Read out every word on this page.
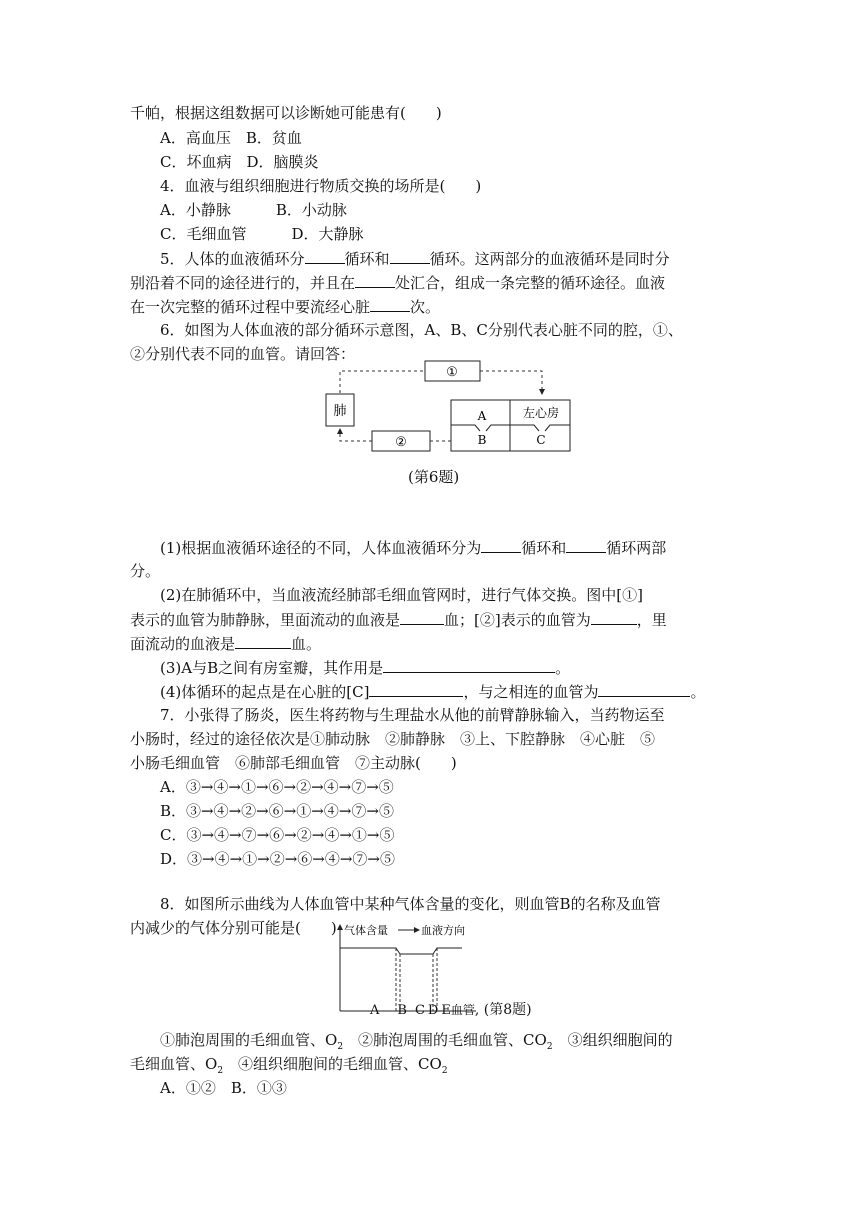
千帕，根据这组数据可以诊断她可能患有(　　)
A．高血压　B．贫血
C．坏血病　D．脑膜炎
4．血液与组织细胞进行物质交换的场所是(　　)
A．小静脉　　　B．小动脉
C．毛细血管　　　D．大静脉
5．人体的血液循环分	循环和	循环。这两部分的血液循环是同时分
别沿着不同的途径进行的，并且在	处汇合，组成一条完整的循环途径。血液
在一次完整的循环过程中要流经心脏	次。
6．如图为人体血液的部分循环示意图，A、B、C分别代表心脏不同的腔，①、
②分别代表不同的血管。请回答：
①
肺
②
A
B
左心房
C
(第6题)
(1)根据血液循环途径的不同，人体血液循环分为	循环和	循环两部
分。
(2)在肺循环中，当血液流经肺部毛细血管网时，进行气体交换。图中[①]
表示的血管为肺静脉，里面流动的血液是	血；[②]表示的血管为	，里
面流动的血液是	血。
(3)A与B之间有房室瓣，其作用是	。
(4)体循环的起点是在心脏的[C]	，与之相连的血管为	。
7．小张得了肠炎，医生将药物与生理盐水从他的前臂静脉输入，当药物运至
小肠时，经过的途径依次是①肺动脉　②肺静脉　③上、下腔静脉　④心脏　⑤
小肠毛细血管　⑥肺部毛细血管　⑦主动脉(　　)
A．③→④→①→⑥→②→④→⑦→⑤
B．③→④→②→⑥→①→④→⑦→⑤
C．③→④→⑦→⑥→②→④→①→⑤
D．③→④→①→②→⑥→④→⑦→⑤
8．如图所示曲线为人体血管中某种气体含量的变化，则血管B的名称及血管
内减少的气体分别可能是(　　) 气体含量	血液方向
A B C D E血管, (第8题)
①肺泡周围的毛细血管、$O_2$　②肺泡周围的毛细血管、$CO_2$　③组织细胞间的
毛细血管、$O_2$　④组织细胞间的毛细血管、$CO_2$
A．①②　B．①③
